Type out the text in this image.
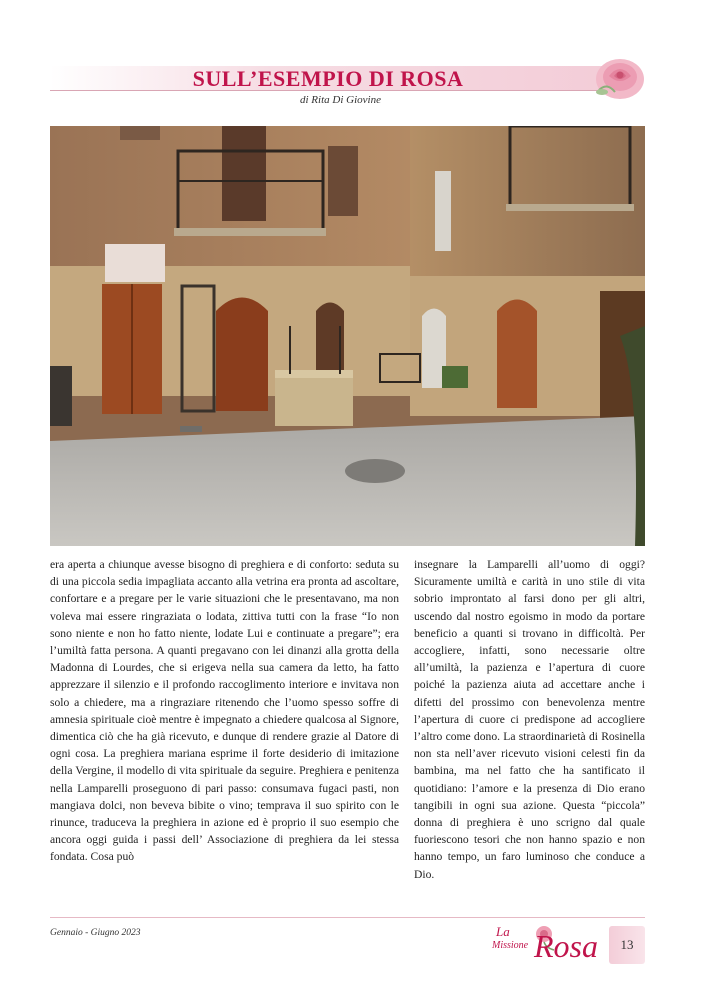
SULL’ESEMPIO DI ROSA
di Rita Di Giovine

era aperta a chiunque avesse bisogno di preghiera e di conforto: seduta su di una piccola sedia impagliata accanto alla vetrina era pronta ad ascoltare, confortare e a pregare per le varie situazioni che le presentavano, ma non voleva mai essere ringraziata o lodata, zittiva tutti con la frase “Io non sono niente e non ho fatto niente, lodate Lui e continuate a pregare”; era l’umiltà fatta persona. A quanti pregavano con lei dinanzi alla grotta della Madonna di Lourdes, che si erigeva nella sua camera da letto, ha fatto apprezzare il silenzio e il profondo raccoglimento interiore e invitava non solo a chiedere, ma a ringraziare ritenendo che l’uomo spesso soffre di amnesia spirituale cioè mentre è impegnato a chiedere qualcosa al Signore, dimentica ciò che ha già ricevuto, e dunque di rendere grazie al Datore di ogni cosa. La preghiera mariana esprime il forte desiderio di imitazione della Vergine, il modello di vita spirituale da seguire. Preghiera e penitenza nella Lamparelli proseguono di pari passo: consumava fugaci pasti, non mangiava dolci, non beveva bibite o vino; temprava il suo spirito con le rinunce, traduceva la preghiera in azione ed è proprio il suo esempio che ancora oggi guida i passi dell’ Associazione di preghiera da lei stessa fondata. Cosa può

insegnare la Lamparelli all’uomo di oggi? Sicuramente umiltà e carità in uno stile di vita sobrio improntato al farsi dono per gli altri, uscendo dal nostro egoismo in modo da portare beneficio a quanti si trovano in difficoltà. Per accogliere, infatti, sono necessarie oltre all’umiltà, la pazienza e l’apertura di cuore poiché la pazienza aiuta ad accettare anche i difetti del prossimo con benevolenza mentre l’apertura di cuore ci predispone ad accogliere l’altro come dono. La straordinarietà di Rosinella non sta nell’aver ricevuto visioni celesti fin da bambina, ma nel fatto che ha santificato il quotidiano: l’amore e la presenza di Dio erano tangibili in ogni sua azione. Questa “piccola” donna di preghiera è uno scrigno dal quale fuoriescono tesori che non hanno spazio e non hanno tempo, un faro luminoso che conduce a Dio.

Gennaio - Giugno 2023	La
Missione Rosa	13
